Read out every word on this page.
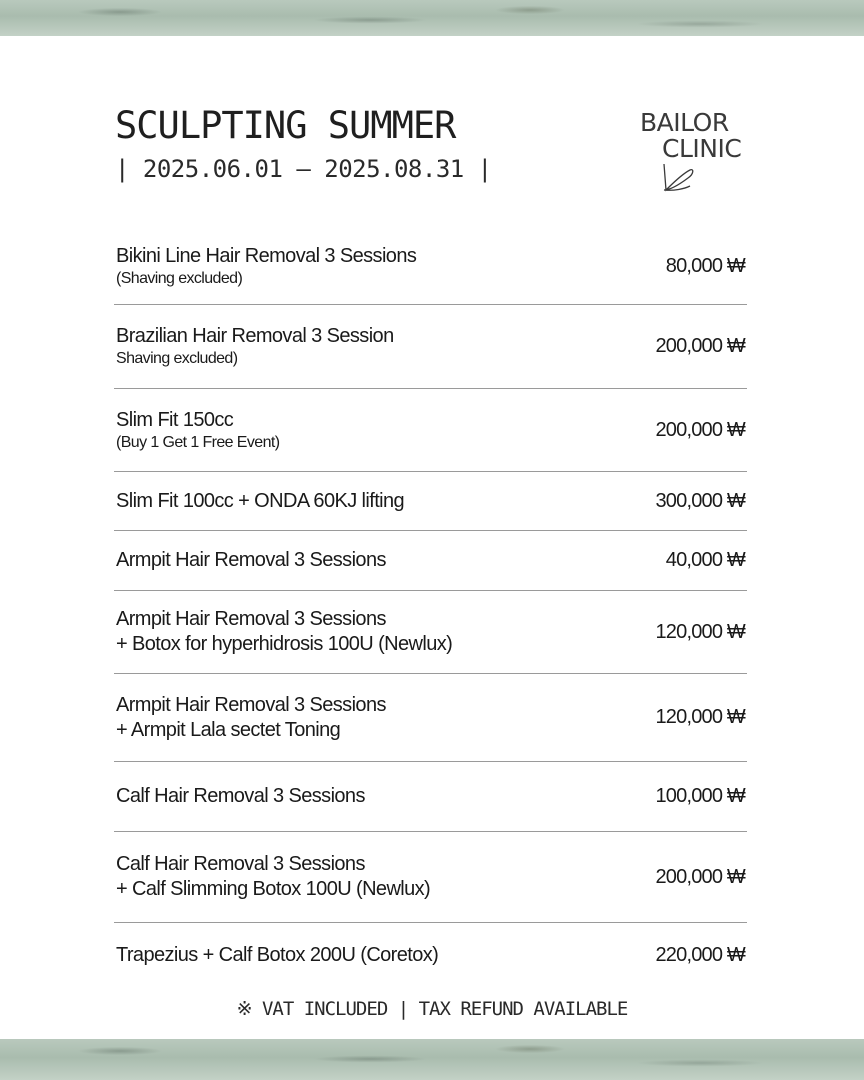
SCULPTING SUMMER
| 2025.06.01 – 2025.08.31 |
BAILOR
CLINIC
Bikini Line Hair Removal 3 Sessions
(Shaving excluded)
80,000 ₩
Brazilian Hair Removal 3 Session
Shaving excluded)
200,000 ₩
Slim Fit 150cc
(Buy 1 Get 1 Free Event)
200,000 ₩
Slim Fit 100cc + ONDA 60KJ lifting	300,000 ₩
Armpit Hair Removal 3 Sessions	40,000 ₩
Armpit Hair Removal 3 Sessions
+ Botox for hyperhidrosis 100U (Newlux)
120,000 ₩
Armpit Hair Removal 3 Sessions
+ Armpit Lala sectet Toning
120,000 ₩
Calf Hair Removal 3 Sessions	100,000 ₩
Calf Hair Removal 3 Sessions
+ Calf Slimming Botox 100U (Newlux)
200,000 ₩
Trapezius + Calf Botox 200U (Coretox)	220,000 ₩
※ VAT INCLUDED | TAX REFUND AVAILABLE
